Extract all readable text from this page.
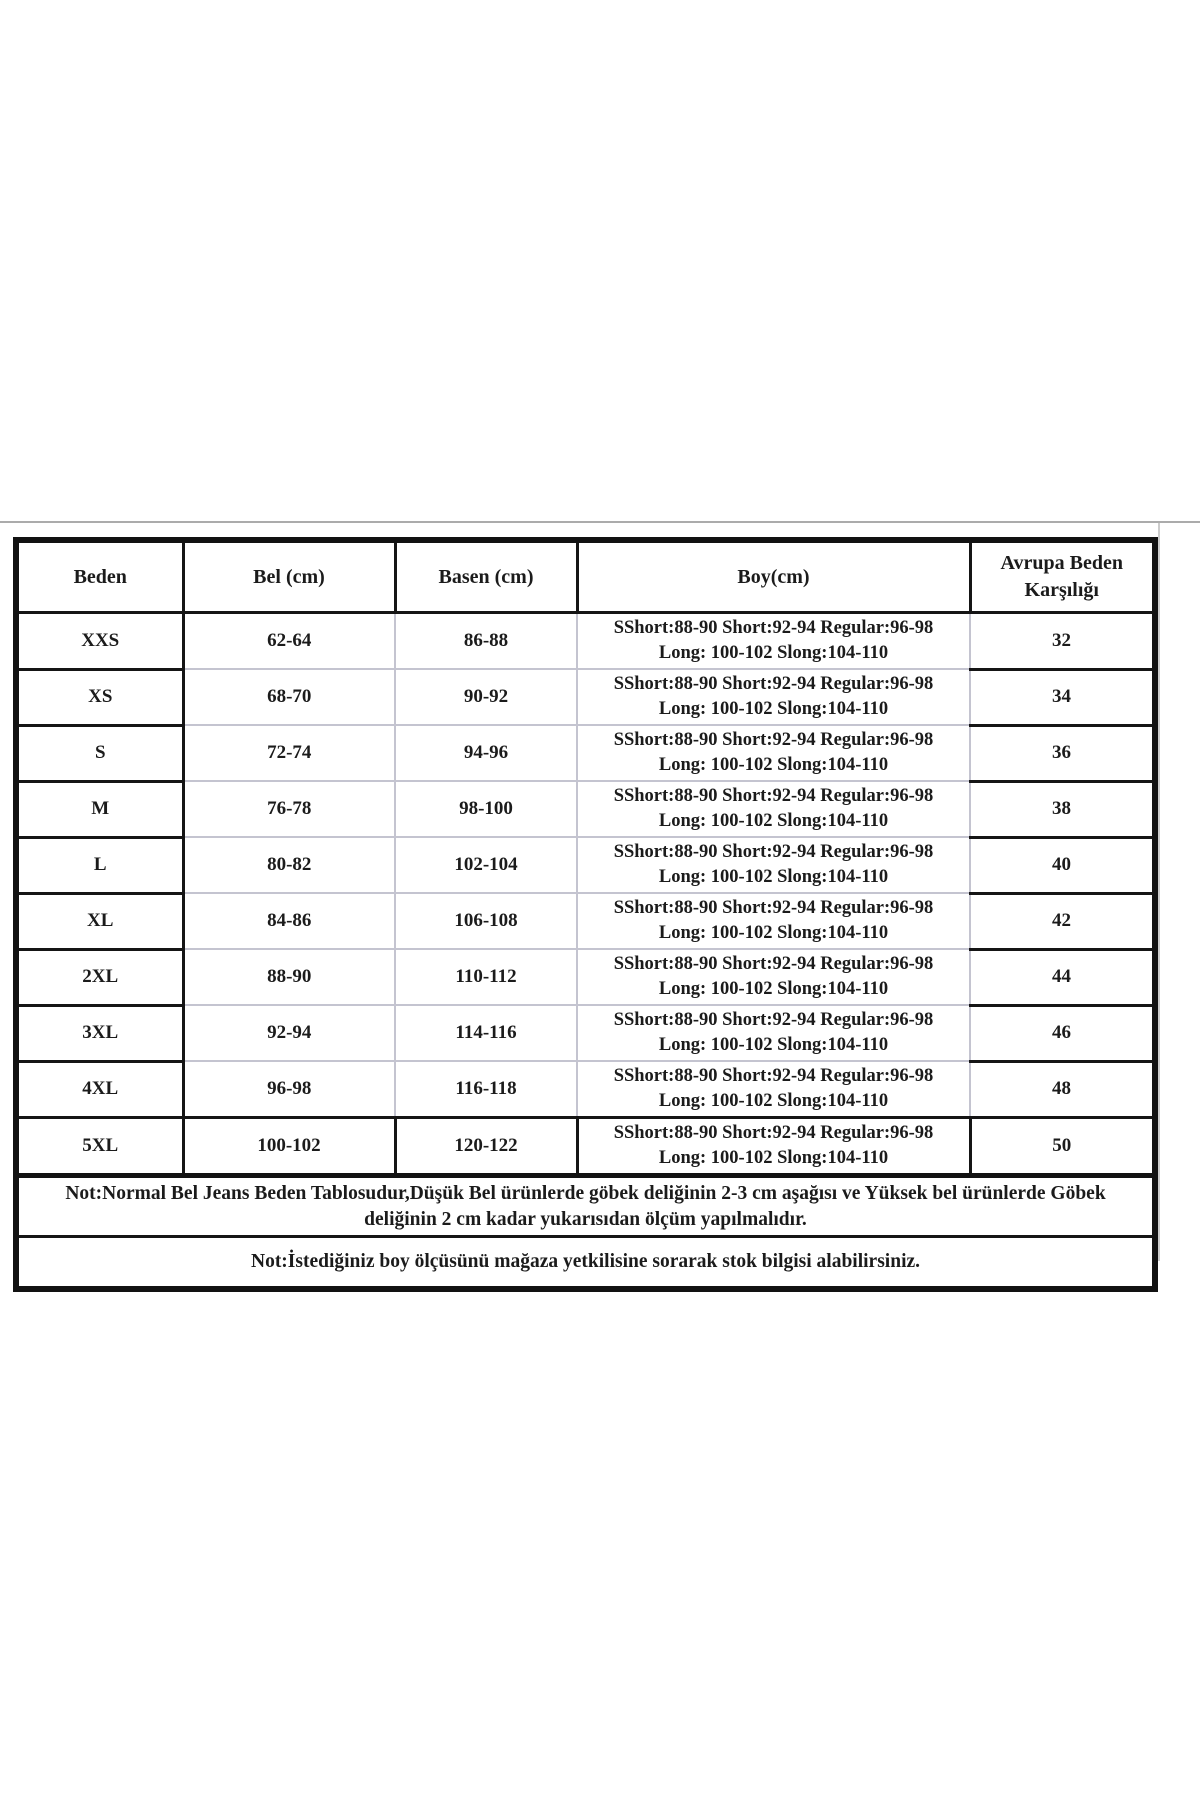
Beden	Bel (cm)	Basen (cm)	Boy(cm)	Avrupa Beden
Karşılığı

XXS	62-64	86-88	SShort:88-90 Short:92-94 Regular:96-98
Long: 100-102 Slong:104-110	32
XS	68-70	90-92	SShort:88-90 Short:92-94 Regular:96-98
Long: 100-102 Slong:104-110	34
S	72-74	94-96	SShort:88-90 Short:92-94 Regular:96-98
Long: 100-102 Slong:104-110	36
M	76-78	98-100	SShort:88-90 Short:92-94 Regular:96-98
Long: 100-102 Slong:104-110	38
L	80-82	102-104	SShort:88-90 Short:92-94 Regular:96-98
Long: 100-102 Slong:104-110	40
XL	84-86	106-108	SShort:88-90 Short:92-94 Regular:96-98
Long: 100-102 Slong:104-110	42
2XL	88-90	110-112	SShort:88-90 Short:92-94 Regular:96-98
Long: 100-102 Slong:104-110	44
3XL	92-94	114-116	SShort:88-90 Short:92-94 Regular:96-98
Long: 100-102 Slong:104-110	46
4XL	96-98	116-118	SShort:88-90 Short:92-94 Regular:96-98
Long: 100-102 Slong:104-110	48
5XL	100-102	120-122	SShort:88-90 Short:92-94 Regular:96-98
Long: 100-102 Slong:104-110	50

Not:Normal Bel Jeans Beden Tablosudur,Düşük Bel ürünlerde göbek deliğinin 2-3 cm aşağısı ve Yüksek bel ürünlerde Göbek
deliğinin 2 cm kadar yukarısıdan ölçüm yapılmalıdır.				

Not:İstediğiniz boy ölçüsünü mağaza yetkilisine sorarak stok bilgisi alabilirsiniz.				
